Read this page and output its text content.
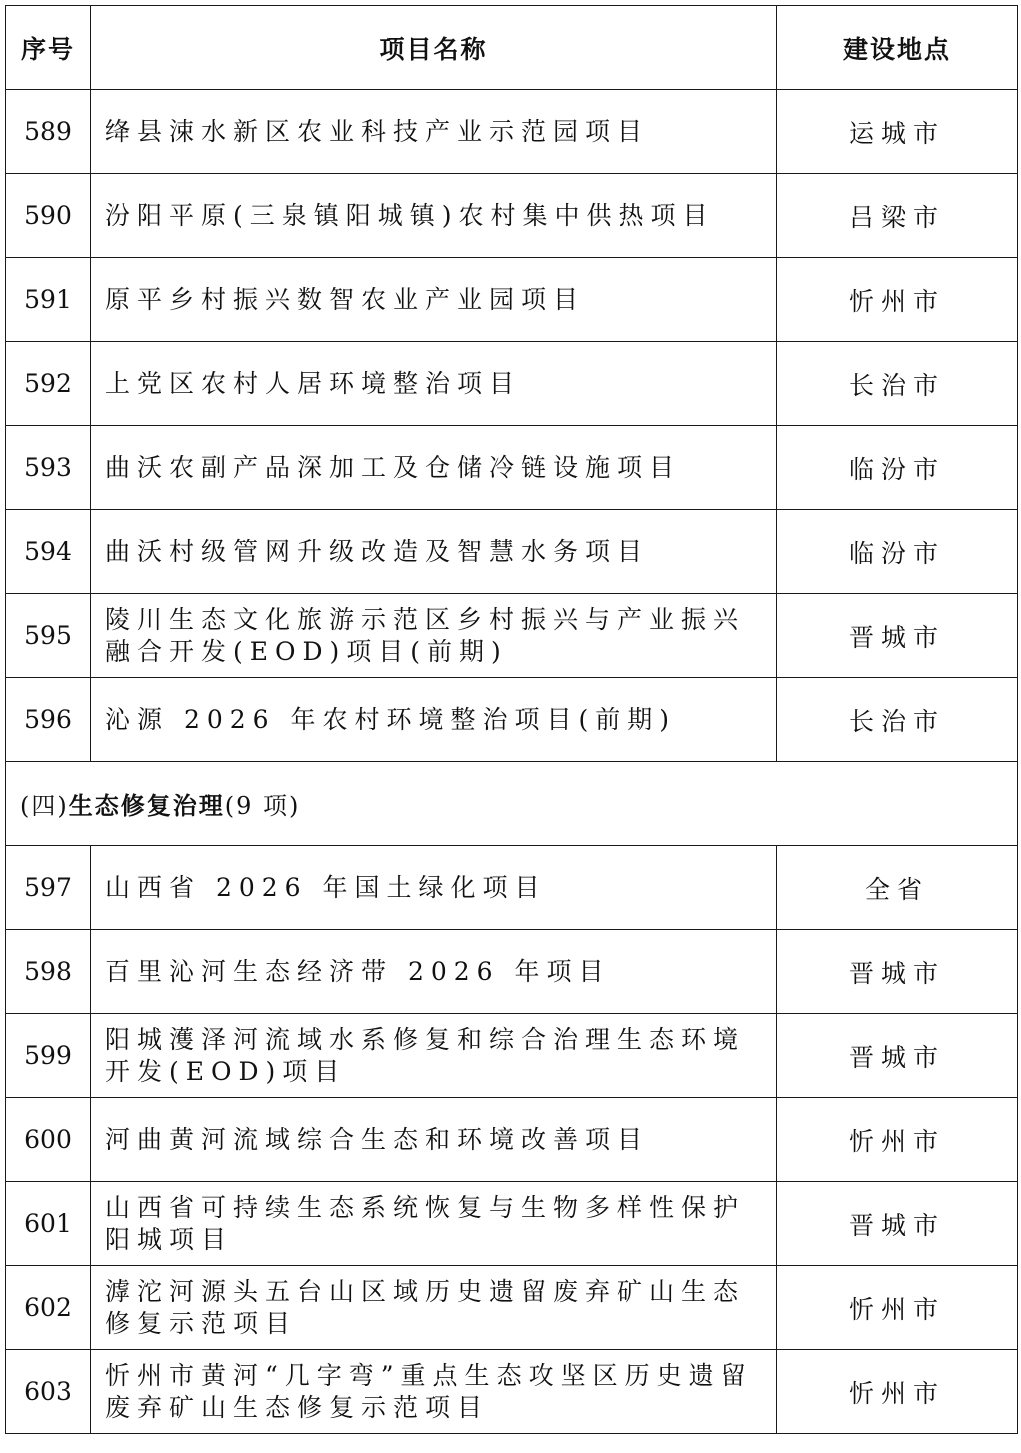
序号	项目名称	建设地点
589	绛县涑水新区农业科技产业示范园项目	运城市
590	汾阳平原(三泉镇阳城镇)农村集中供热项目	吕梁市
591	原平乡村振兴数智农业产业园项目	忻州市
592	上党区农村人居环境整治项目	长治市
593	曲沃农副产品深加工及仓储冷链设施项目	临汾市
594	曲沃村级管网升级改造及智慧水务项目	临汾市
595	陵川生态文化旅游示范区乡村振兴与产业振兴融合开发(EOD)项目(前期)	晋城市
596	沁源 2026 年农村环境整治项目(前期)	长治市
(四)生态修复治理(9 项)		
597	山西省 2026 年国土绿化项目	全省
598	百里沁河生态经济带 2026 年项目	晋城市
599	阳城濩泽河流域水系修复和综合治理生态环境开发(EOD)项目	晋城市
600	河曲黄河流域综合生态和环境改善项目	忻州市
601	山西省可持续生态系统恢复与生物多样性保护阳城项目	晋城市
602	滹沱河源头五台山区域历史遗留废弃矿山生态修复示范项目	忻州市
603	忻州市黄河“几字弯”重点生态攻坚区历史遗留废弃矿山生态修复示范项目	忻州市
